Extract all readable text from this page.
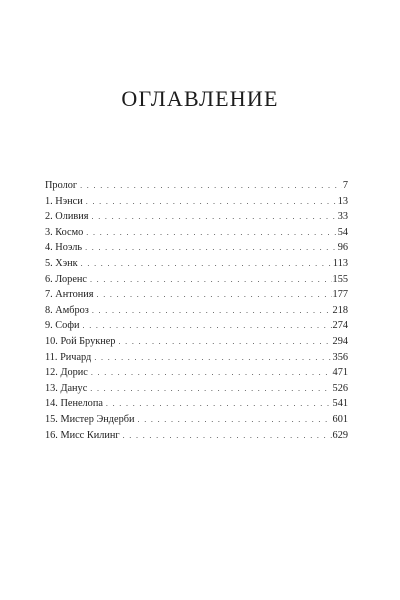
ОГЛАВЛЕНИЕ
Пролог . . .	7
1. Нэнси . . .	13
2. Оливия . . .	33
3. Космо . . .	54
4. Ноэль . . .	96
5. Хэнк . . .	113
6. Лоренс . . .	155
7. Антония . . .	177
8. Амброз . . .	218
9. Софи . . .	274
10. Рой Брукнер . . .	294
11. Ричард . . .	356
12. Дорис . . .	471
13. Данус . . .	526
14. Пенелопа . . .	541
15. Мистер Эндерби . . .	601
16. Мисс Килинг . . .	629
